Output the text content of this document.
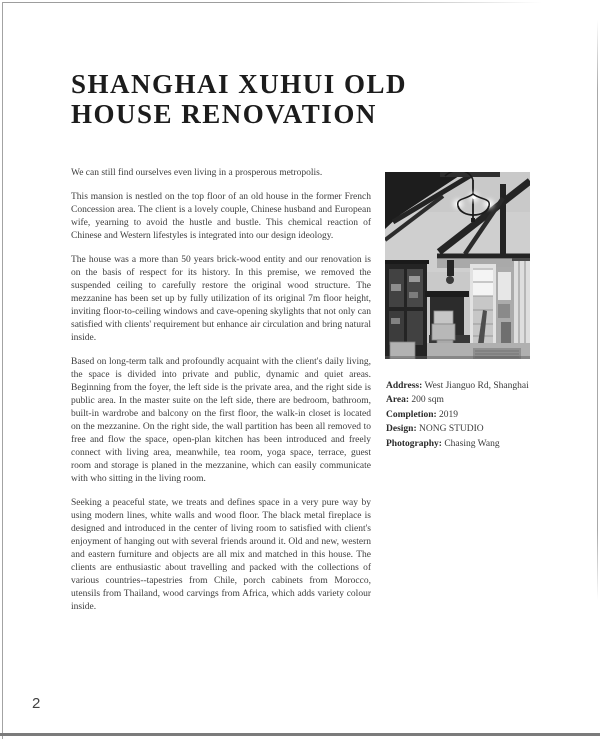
SHANGHAI XUHUI OLD
HOUSE RENOVATION

We can still find ourselves even living in a prosperous metropolis.

This mansion is nestled on the top floor of an old house in the former French Concession area. The client is a lovely couple, Chinese husband and European wife, yearning to avoid the hustle and bustle. This chemical reaction of Chinese and Western lifestyles is integrated into our design ideology.

The house was a more than 50 years brick-wood entity and our renovation is on the basis of respect for its history. In this premise, we removed the suspended ceiling to carefully restore the original wood structure. The mezzanine has been set up by fully utilization of its original 7m floor height, inviting floor-to-ceiling windows and cave-opening skylights that not only can satisfied with clients' requirement but enhance air circulation and bring natural inside.

Based on long-term talk and profoundly acquaint with the client's daily living, the space is divided into private and public, dynamic and quiet areas. Beginning from the foyer, the left side is the private area, and the right side is public area. In the master suite on the left side, there are bedroom, bathroom, built-in wardrobe and balcony on the first floor, the walk-in closet is located on the mezzanine. On the right side, the wall partition has been all removed to free and flow the space, open-plan kitchen has been introduced and freely connect with living area, meanwhile, tea room, yoga space, terrace, guest room and storage is planed in the mezzanine, which can easily communicate with who sitting in the living room.

Seeking a peaceful state, we treats and defines space in a very pure way by using modern lines, white walls and wood floor. The black metal fireplace is designed and introduced in the center of living room to satisfied with client's enjoyment of hanging out with several friends around it. Old and new, western and eastern furniture and objects are all mix and matched in this house. The clients are enthusiastic about travelling and packed with the collections of various countries--tapestries from Chile, porch cabinets from Morocco, utensils from Thailand, wood carvings from Africa, which adds variety colour inside.

Address: West Jianguo Rd, Shanghai
Area: 200 sqm
Completion: 2019
Design: NONG STUDIO
Photography: Chasing Wang
2
